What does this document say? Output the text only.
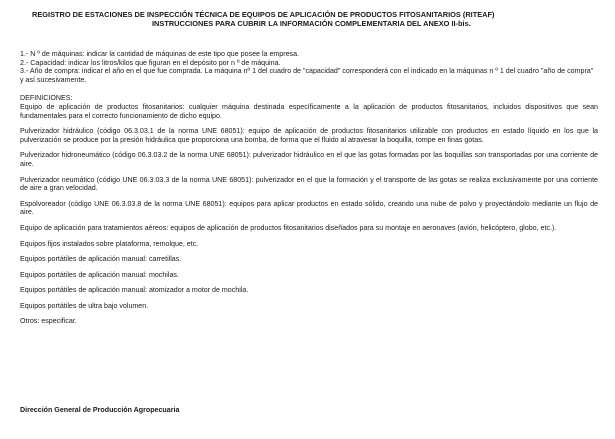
REGISTRO DE ESTACIONES DE INSPECCIÓN TÉCNICA DE EQUIPOS DE APLICACIÓN DE PRODUCTOS FITOSANITARIOS (RITEAF)
INSTRUCCIONES PARA CUBRIR LA INFORMACIÓN COMPLEMENTARIA DEL ANEXO II-bis.

1.- N º de máquinas: indicar la cantidad de máquinas de este tipo que posee la empresa.

2.- Capacidad: indicar los litros/kilos que figuran en el depósito por n º de máquina.

3.- Año de compra: indicar el año en el que fue comprada. La máquina nº 1 del cuadro de "capacidad" corresponderá con el indicado en la máquinas n º 1 del cuadro "año de compra" y así sucesivamente.

DEFINICIONES:

Equipo de aplicación de productos fitosanitarios: cualquier máquina destinada específicamente a la aplicación de productos fitosanitarios, incluidos dispositivos que sean fundamentales para el correcto funcionamiento de dicho equipo.

Pulverizador hidráulico (código 06.3.03.1 de la norma UNE 68051): equipo de aplicación de productos fitosanitarios utilizable con productos en estado líquido en los que la pulverización se produce por la presión hidráulica que proporciona una bomba, de forma que el fluido al atravesar la boquilla, rompe en finas gotas.

Pulverizador hidroneumático (código 06.3.03.2 de la norma UNE 68051): pulverizador hidráulico en el que las gotas formadas por las boquillas son transportadas por una corriente de aire.

Pulverizador neumático (código UNE 06.3.03.3 de la norma UNE 68051): pulverizador en el que la formación y el transporte de las gotas se realiza exclusivamente por una corriente de aire a gran velocidad.

Espolvoreador (código UNE 06.3.03.8 de la norma UNE 68051): equipos para aplicar productos en estado sólido, creando una nube de polvo y proyectándolo mediante un flujo de aire.

Equipo de aplicación para tratamientos aéreos: equipos de aplicación de productos fitosanitarios diseñados para su montaje en aeronaves (avión, helicóptero, globo, etc.).

Equipos fijos instalados sobre plataforma, remolque, etc.

Equipos portátiles de aplicación manual: carretillas.

Equipos portátiles de aplicación manual: mochilas.

Equipos portátiles de aplicación manual: atomizador a motor de mochila.

Equipos portátiles de ultra bajo volumen.

Otros: especificar.

Dirección General de Producción Agropecuaria
